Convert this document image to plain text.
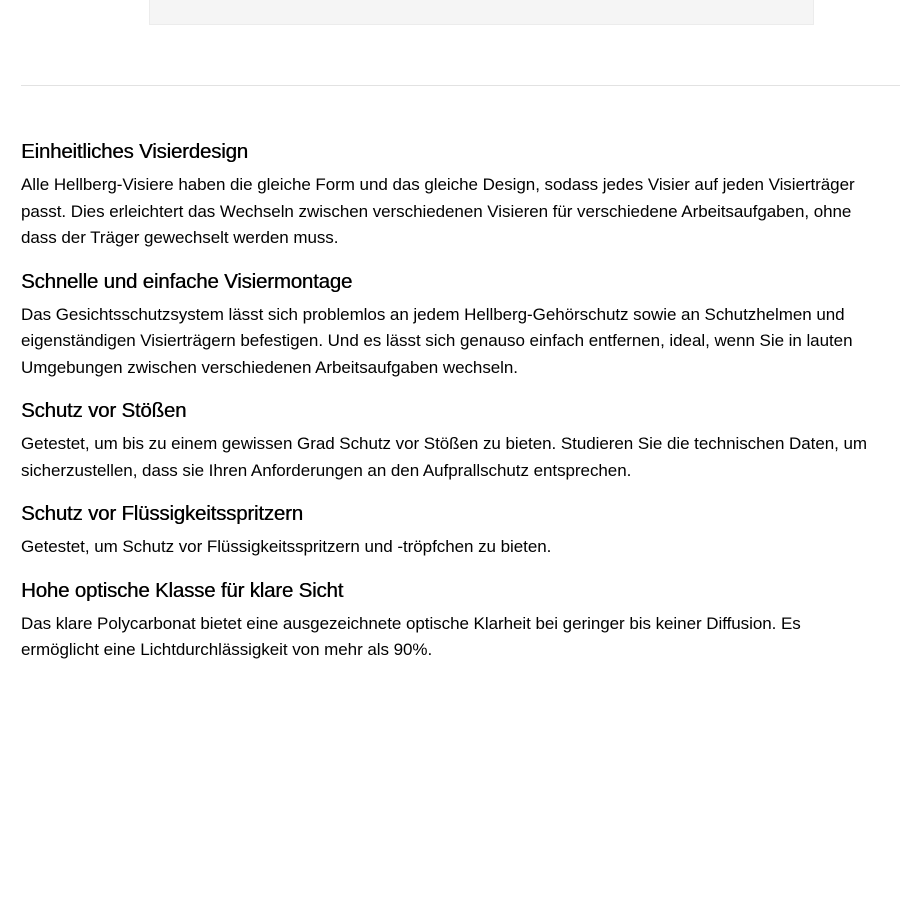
Einheitliches Visierdesign

Alle Hellberg-Visiere haben die gleiche Form und das gleiche Design, sodass jedes Visier auf jeden Visierträger passt. Dies erleichtert das Wechseln zwischen verschiedenen Visieren für verschiedene Arbeitsaufgaben, ohne dass der Träger gewechselt werden muss.

Schnelle und einfache Visiermontage

Das Gesichtsschutzsystem lässt sich problemlos an jedem Hellberg-Gehörschutz sowie an Schutzhelmen und eigenständigen Visierträgern befestigen. Und es lässt sich genauso einfach entfernen, ideal, wenn Sie in lauten Umgebungen zwischen verschiedenen Arbeitsaufgaben wechseln.

Schutz vor Stößen

Getestet, um bis zu einem gewissen Grad Schutz vor Stößen zu bieten. Studieren Sie die technischen Daten, um sicherzustellen, dass sie Ihren Anforderungen an den Aufprallschutz entsprechen.

Schutz vor Flüssigkeitsspritzern

Getestet, um Schutz vor Flüssigkeitsspritzern und -tröpfchen zu bieten.

Hohe optische Klasse für klare Sicht

Das klare Polycarbonat bietet eine ausgezeichnete optische Klarheit bei geringer bis keiner Diffusion. Es ermöglicht eine Lichtdurchlässigkeit von mehr als 90%.
